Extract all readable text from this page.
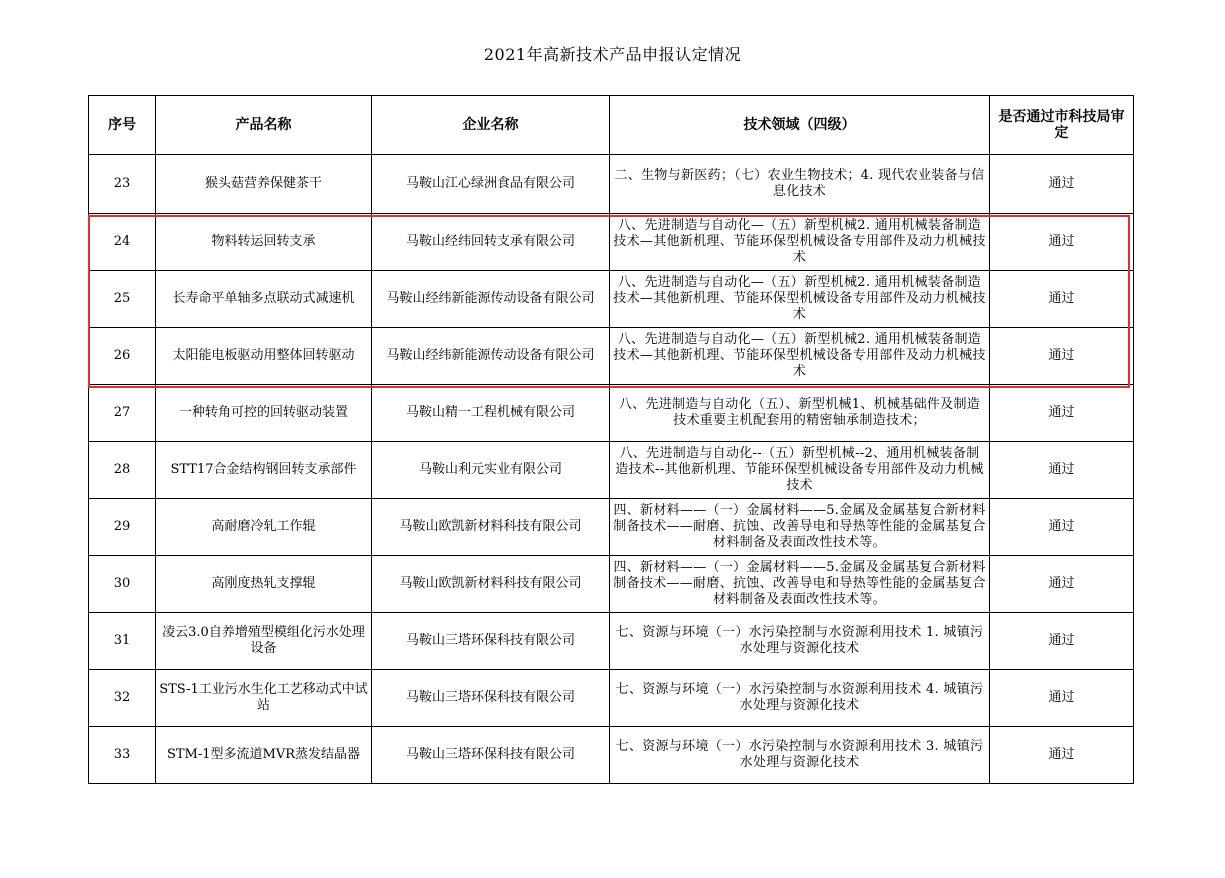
2021年高新技术产品申报认定情况
序号	产品名称	企业名称	技术领域（四级）	是否通过市科技局审定
23	猴头菇营养保健茶干	马鞍山江心绿洲食品有限公司	二、生物与新医药；（七）农业生物技术；4. 现代农业装备与信息化技术	通过
24	物料转运回转支承	马鞍山经纬回转支承有限公司	八、先进制造与自动化—（五）新型机械2. 通用机械装备制造技术—其他新机理、节能环保型机械设备专用部件及动力机械技术	通过
25	长寿命平单轴多点联动式减速机	马鞍山经纬新能源传动设备有限公司	八、先进制造与自动化—（五）新型机械2. 通用机械装备制造技术—其他新机理、节能环保型机械设备专用部件及动力机械技术	通过
26	太阳能电板驱动用整体回转驱动	马鞍山经纬新能源传动设备有限公司	八、先进制造与自动化—（五）新型机械2. 通用机械装备制造技术—其他新机理、节能环保型机械设备专用部件及动力机械技术	通过
27	一种转角可控的回转驱动装置	马鞍山精一工程机械有限公司	八、先进制造与自动化（五）、新型机械1、机械基础件及制造技术重要主机配套用的精密轴承制造技术；	通过
28	STT17合金结构钢回转支承部件	马鞍山利元实业有限公司	八、先进制造与自动化--（五）新型机械--2、通用机械装备制造技术--其他新机理、节能环保型机械设备专用部件及动力机械技术	通过
29	高耐磨冷轧工作辊	马鞍山欧凯新材料科技有限公司	四、新材料——（一）金属材料——5.金属及金属基复合新材料制备技术——耐磨、抗蚀、改善导电和导热等性能的金属基复合材料制备及表面改性技术等。	通过
30	高刚度热轧支撑辊	马鞍山欧凯新材料科技有限公司	四、新材料——（一）金属材料——5.金属及金属基复合新材料制备技术——耐磨、抗蚀、改善导电和导热等性能的金属基复合材料制备及表面改性技术等。	通过
31	凌云3.0自养增殖型模组化污水处理设备	马鞍山三塔环保科技有限公司	七、资源与环境（一）水污染控制与水资源利用技术 1. 城镇污水处理与资源化技术	通过
32	STS-1工业污水生化工艺移动式中试站	马鞍山三塔环保科技有限公司	七、资源与环境（一）水污染控制与水资源利用技术 4. 城镇污水处理与资源化技术	通过
33	STM-1型多流道MVR蒸发结晶器	马鞍山三塔环保科技有限公司	七、资源与环境（一）水污染控制与水资源利用技术 3. 城镇污水处理与资源化技术	通过
